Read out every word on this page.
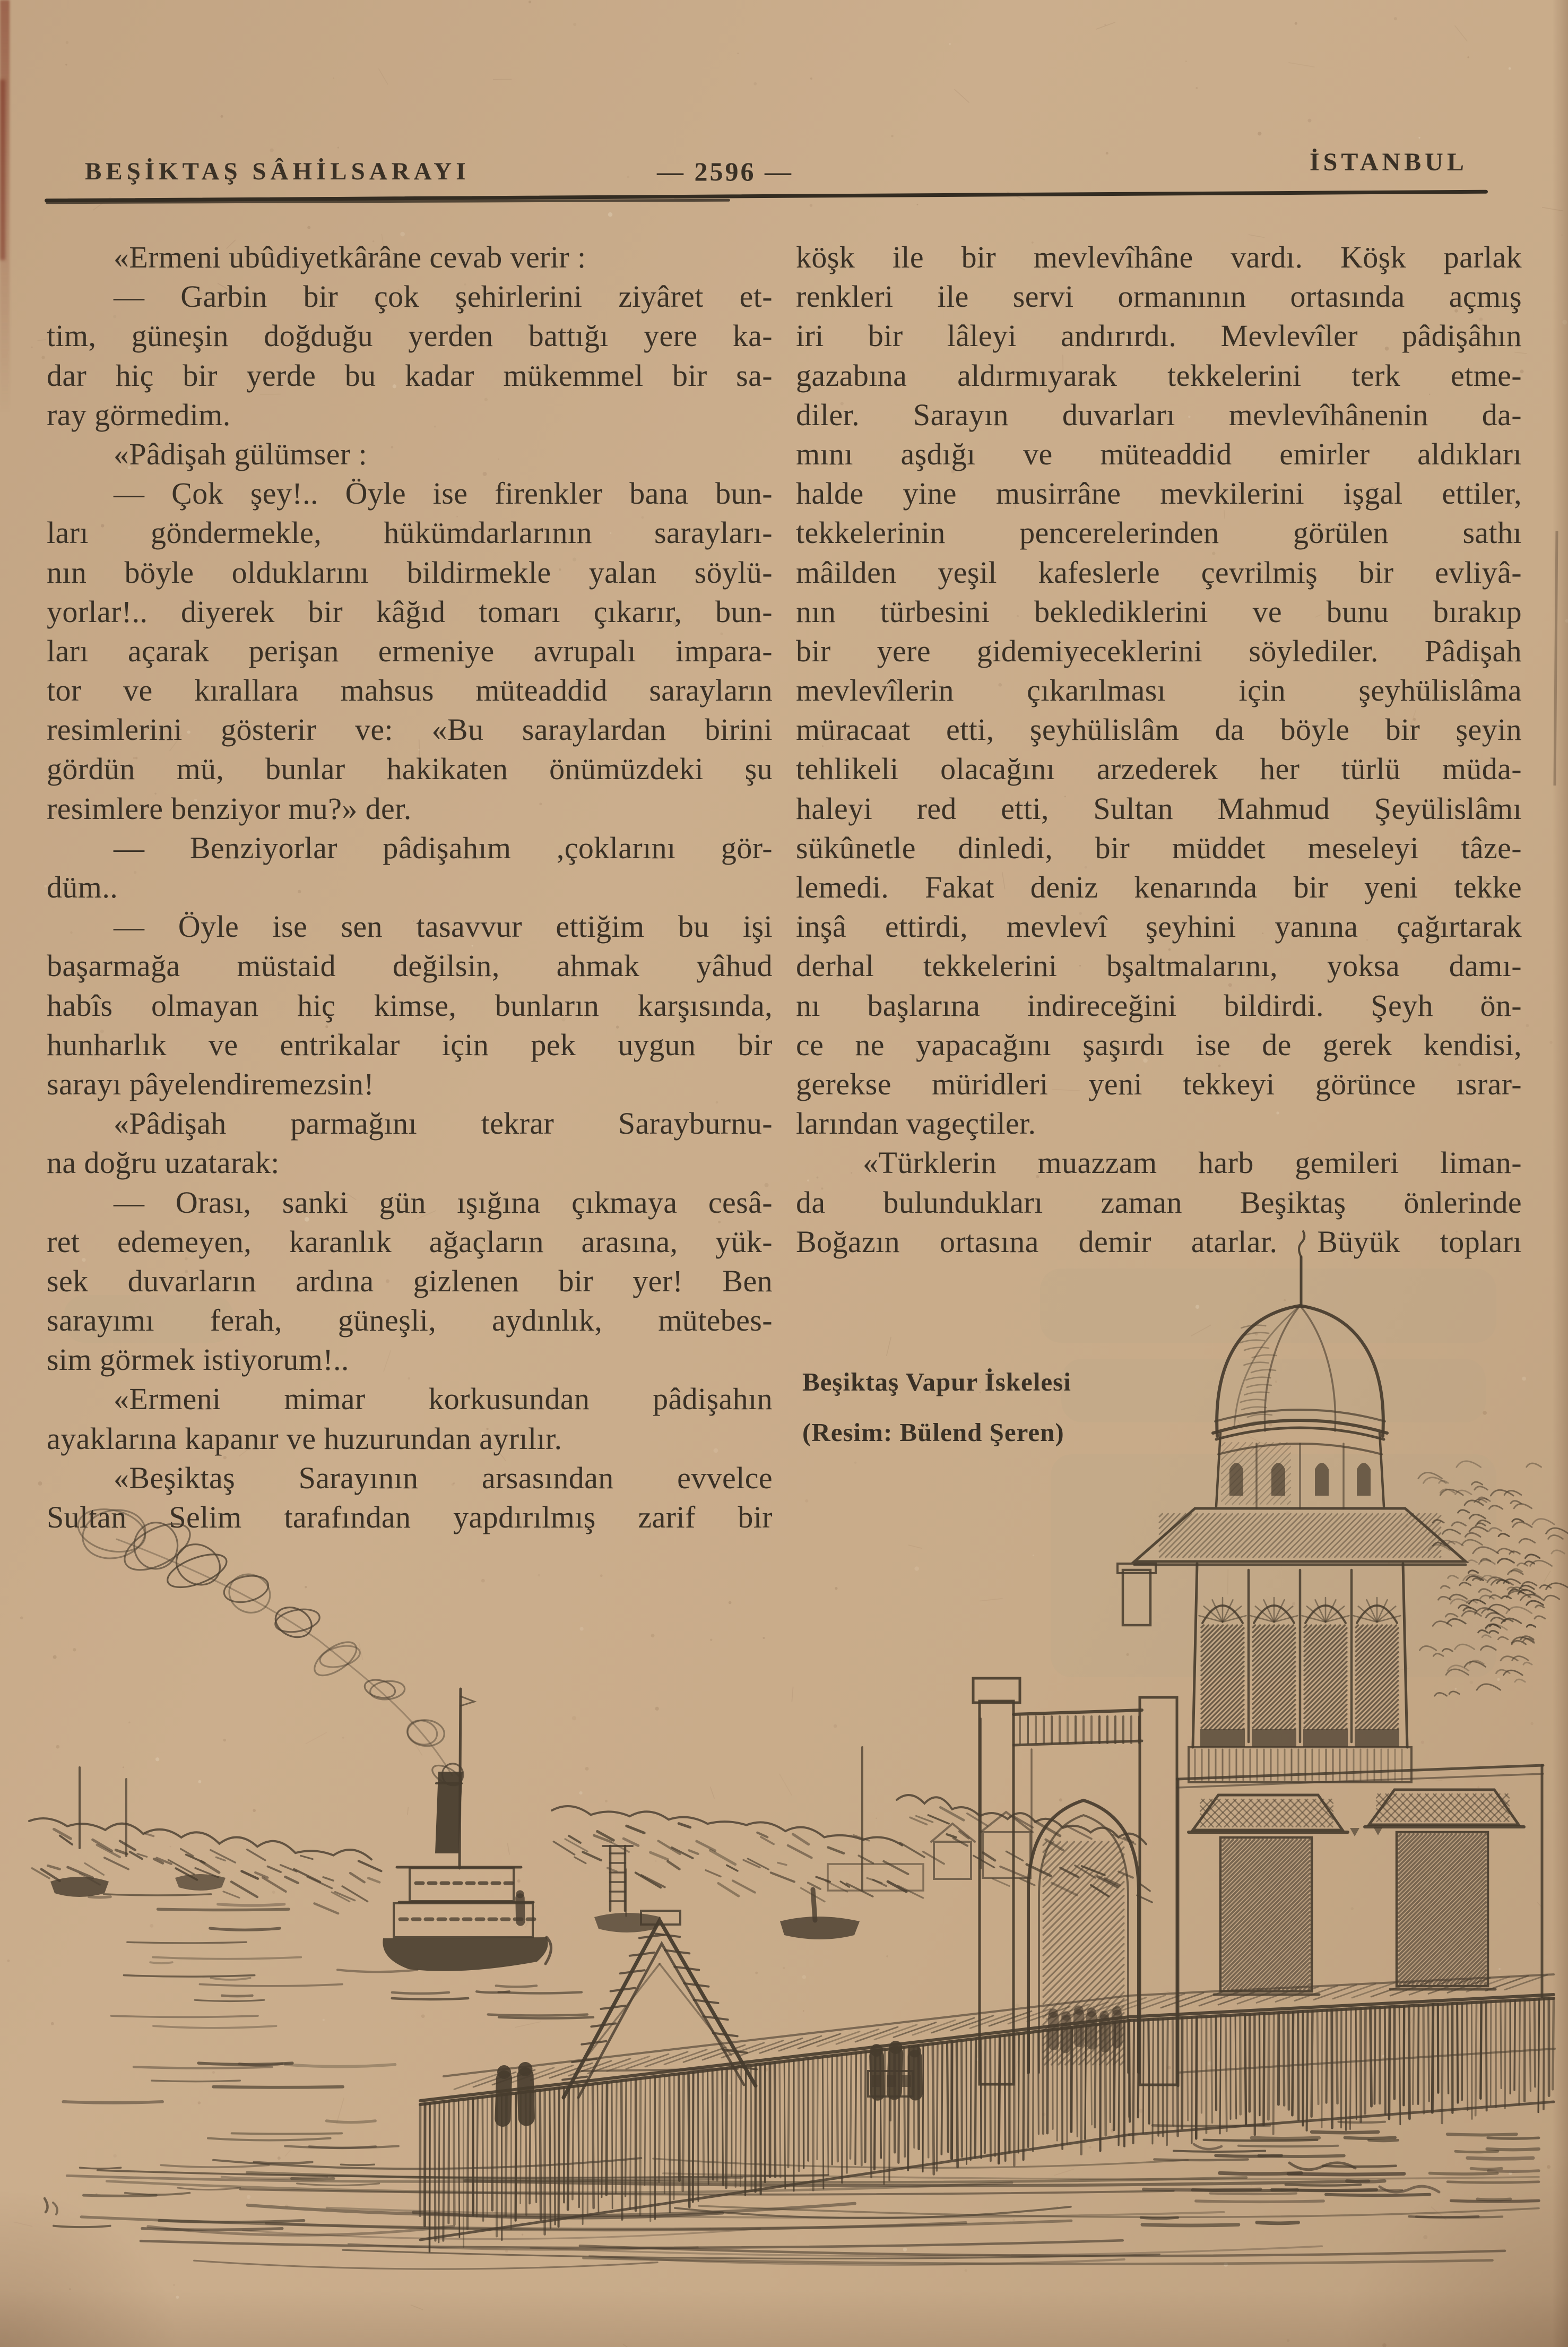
BEŞİKTAŞ SÂHİLSARAYI	— 2596 —	İSTANBUL
«Ermeni ubûdiyetkârâne cevab verir :
— Garbin bir çok şehirlerini ziyâret et-
tim, güneşin doğduğu yerden battığı yere ka-
dar hiç bir yerde bu kadar mükemmel bir sa-
ray görmedim.
«Pâdişah gülümser :
— Çok şey!.. Öyle ise firenkler bana bun-
ları göndermekle, hükümdarlarının sarayları-
nın böyle olduklarını bildirmekle yalan söylü-
yorlar!.. diyerek bir kâğıd tomarı çıkarır, bun-
ları açarak perişan ermeniye avrupalı impara-
tor ve kırallara mahsus müteaddid sarayların
resimlerini gösterir ve: «Bu saraylardan birini
gördün mü, bunlar hakikaten önümüzdeki şu
resimlere benziyor mu?» der.
— Benziyorlar pâdişahım ,çoklarını gör-
düm..
— Öyle ise sen tasavvur ettiğim bu işi
başarmağa müstaid değilsin, ahmak yâhud
habîs olmayan hiç kimse, bunların karşısında,
hunharlık ve entrikalar için pek uygun bir
sarayı pâyelendiremezsin!
«Pâdişah parmağını tekrar Sarayburnu-
na doğru uzatarak:
— Orası, sanki gün ışığına çıkmaya cesâ-
ret edemeyen, karanlık ağaçların arasına, yük-
sek duvarların ardına gizlenen bir yer! Ben
sarayımı ferah, güneşli, aydınlık, mütebes-
sim görmek istiyorum!..
«Ermeni mimar korkusundan pâdişahın
ayaklarına kapanır ve huzurundan ayrılır.
«Beşiktaş Sarayının arsasından evvelce
Sultan Selim tarafından yapdırılmış zarif bir
köşk ile bir mevlevîhâne vardı. Köşk parlak
renkleri ile servi ormanının ortasında açmış
iri bir lâleyi andırırdı. Mevlevîler pâdişâhın
gazabına aldırmıyarak tekkelerini terk etme-
diler. Sarayın duvarları mevlevîhânenin da-
mını aşdığı ve müteaddid emirler aldıkları
halde yine musirrâne mevkilerini işgal ettiler,
tekkelerinin pencerelerinden görülen sathı
mâilden yeşil kafeslerle çevrilmiş bir evliyâ-
nın türbesini beklediklerini ve bunu bırakıp
bir yere gidemiyeceklerini söylediler. Pâdişah
mevlevîlerin çıkarılması için şeyhülislâma
müracaat etti, şeyhülislâm da böyle bir şeyin
tehlikeli olacağını arzederek her türlü müda-
haleyi red etti, Sultan Mahmud Şeyülislâmı
sükûnetle dinledi, bir müddet meseleyi tâze-
lemedi. Fakat deniz kenarında bir yeni tekke
inşâ ettirdi, mevlevî şeyhini yanına çağırtarak
derhal tekkelerini bşaltmalarını, yoksa damı-
nı başlarına indireceğini bildirdi. Şeyh ön-
ce ne yapacağını şaşırdı ise de gerek kendisi,
gerekse müridleri yeni tekkeyi görünce ısrar-
larından vageçtiler.
«Türklerin muazzam harb gemileri liman-
da bulundukları zaman Beşiktaş önlerinde
Boğazın ortasına demir atarlar. Büyük topları
Beşiktaş Vapur İskelesi
(Resim: Bülend Şeren)
